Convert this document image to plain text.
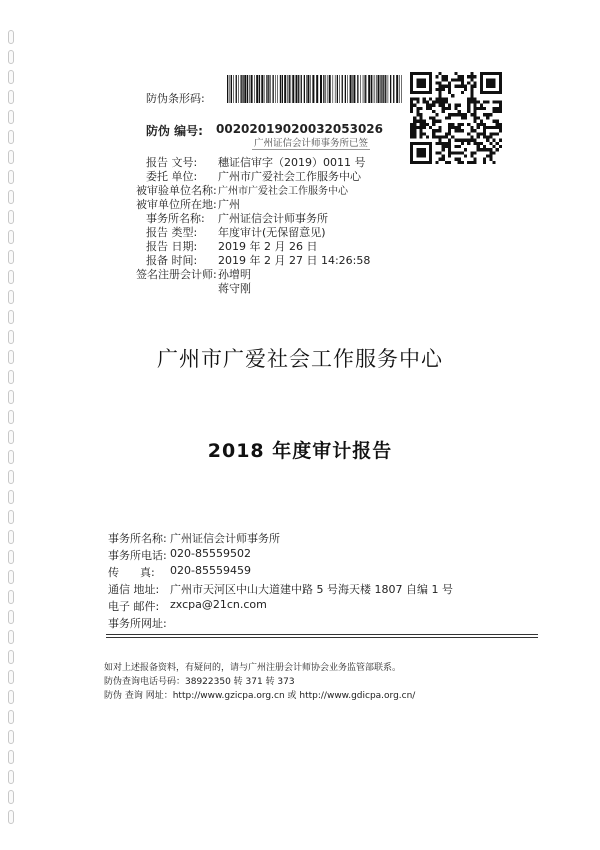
防伪条形码:
防伪 编号: 00202019020032053026
广州证信会计师事务所已签
报告 文号: 穗证信审字（2019）0011 号
委托 单位: 广州市广爱社会工作服务中心
被审验单位名称: 广州市广爱社会工作服务中心
被审单位所在地: 广州
事务所名称: 广州证信会计师事务所
报告 类型: 年度审计(无保留意见)
报告 日期: 2019 年 2 月 26 日
报备 时间: 2019 年 2 月 27 日 14:26:58
签名注册会计师: 孙增明
蒋守刚
广州市广爱社会工作服务中心
2018 年度审计报告
事务所名称: 广州证信会计师事务所
事务所电话: 020-85559502
传      真: 020-85559459
通信 地址: 广州市天河区中山大道建中路 5 号海天楼 1807 自编 1 号
电子 邮件: zxcpa@21cn.com
事务所网址:
如对上述报备资料，有疑问的，请与广州注册会计师协会业务监管部联系。
防伪查询电话号码：38922350 转 371 转 373
防伪 查询 网址：http://www.gzicpa.org.cn 或 http://www.gdicpa.org.cn/
